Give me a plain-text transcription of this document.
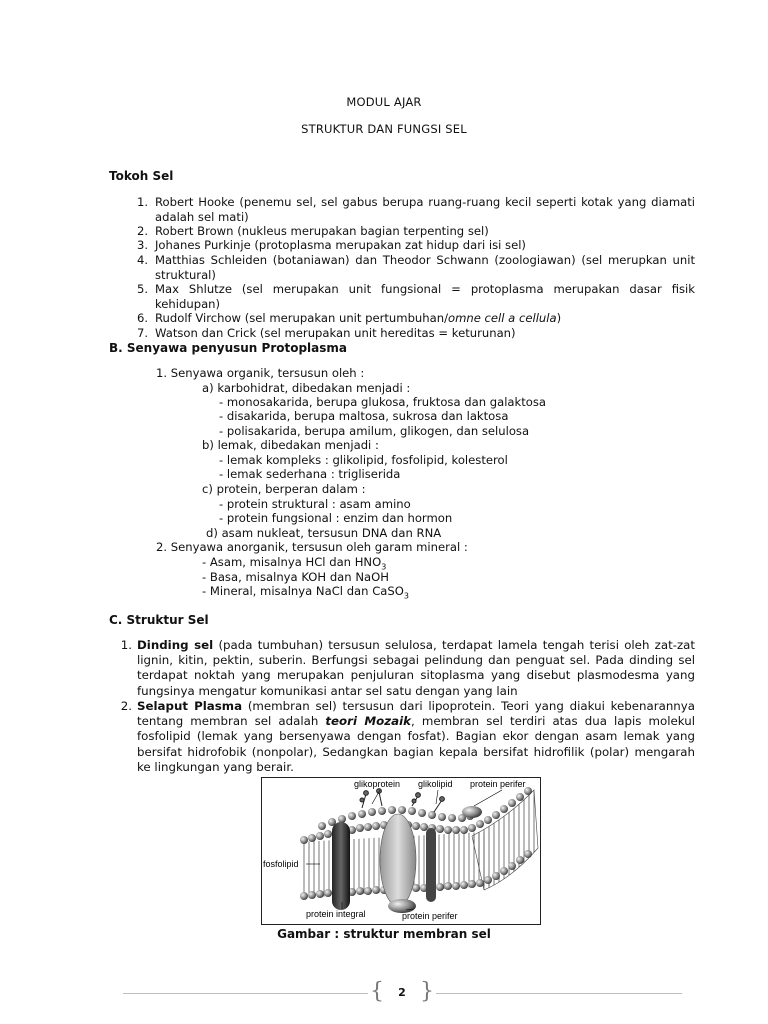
MODUL AJAR
STRUKTUR DAN FUNGSI SEL
Tokoh Sel
1. Robert Hooke (penemu sel, sel gabus berupa ruang-ruang kecil seperti kotak yang diamati adalah sel mati)
2. Robert Brown (nukleus merupakan bagian terpenting sel)
3. Johanes Purkinje (protoplasma merupakan zat hidup dari isi sel)
4. Matthias Schleiden (botaniawan) dan Theodor Schwann (zoologiawan) (sel merupkan unit struktural)
5. Max Shlutze (sel merupakan unit fungsional = protoplasma merupakan dasar fisik kehidupan)
6. Rudolf Virchow (sel merupakan unit pertumbuhan/omne cell a cellula)
7. Watson dan Crick (sel merupakan unit hereditas = keturunan)
B. Senyawa penyusun Protoplasma
1. Senyawa organik, tersusun oleh :
a) karbohidrat, dibedakan menjadi :
- monosakarida, berupa glukosa, fruktosa dan galaktosa
- disakarida, berupa maltosa, sukrosa dan laktosa
- polisakarida, berupa amilum, glikogen, dan selulosa
b) lemak, dibedakan menjadi :
- lemak kompleks : glikolipid, fosfolipid, kolesterol
- lemak sederhana : trigliserida
c) protein, berperan dalam :
- protein struktural : asam amino
- protein fungsional : enzim dan hormon
d) asam nukleat, tersusun DNA dan RNA
2. Senyawa anorganik, tersusun oleh garam mineral :
- Asam, misalnya HCl dan $HNO_3$
- Basa, misalnya KOH dan NaOH
- Mineral, misalnya NaCl dan CaSO$_3$
C. Struktur Sel
1. Dinding sel (pada tumbuhan) tersusun selulosa, terdapat lamela tengah terisi oleh zat-zat lignin, kitin, pektin, suberin. Berfungsi sebagai pelindung dan penguat sel. Pada dinding sel terdapat noktah yang merupakan penjuluran sitoplasma yang disebut plasmodesma yang fungsinya mengatur komunikasi antar sel satu dengan yang lain
2. Selaput Plasma (membran sel) tersusun dari lipoprotein. Teori yang diakui kebenarannya tentang membran sel adalah teori Mozaik, membran sel terdiri atas dua lapis molekul fosfolipid (lemak yang bersenyawa dengan fosfat). Bagian ekor dengan asam lemak yang bersifat hidrofobik (nonpolar), Sedangkan bagian kepala bersifat hidrofilik (polar) mengarah ke lingkungan yang berair.
glikoprotein glikolipid protein perifer
fosfolipid
protein integral	protein perifer
Gambar : struktur membran sel
{ }
2
